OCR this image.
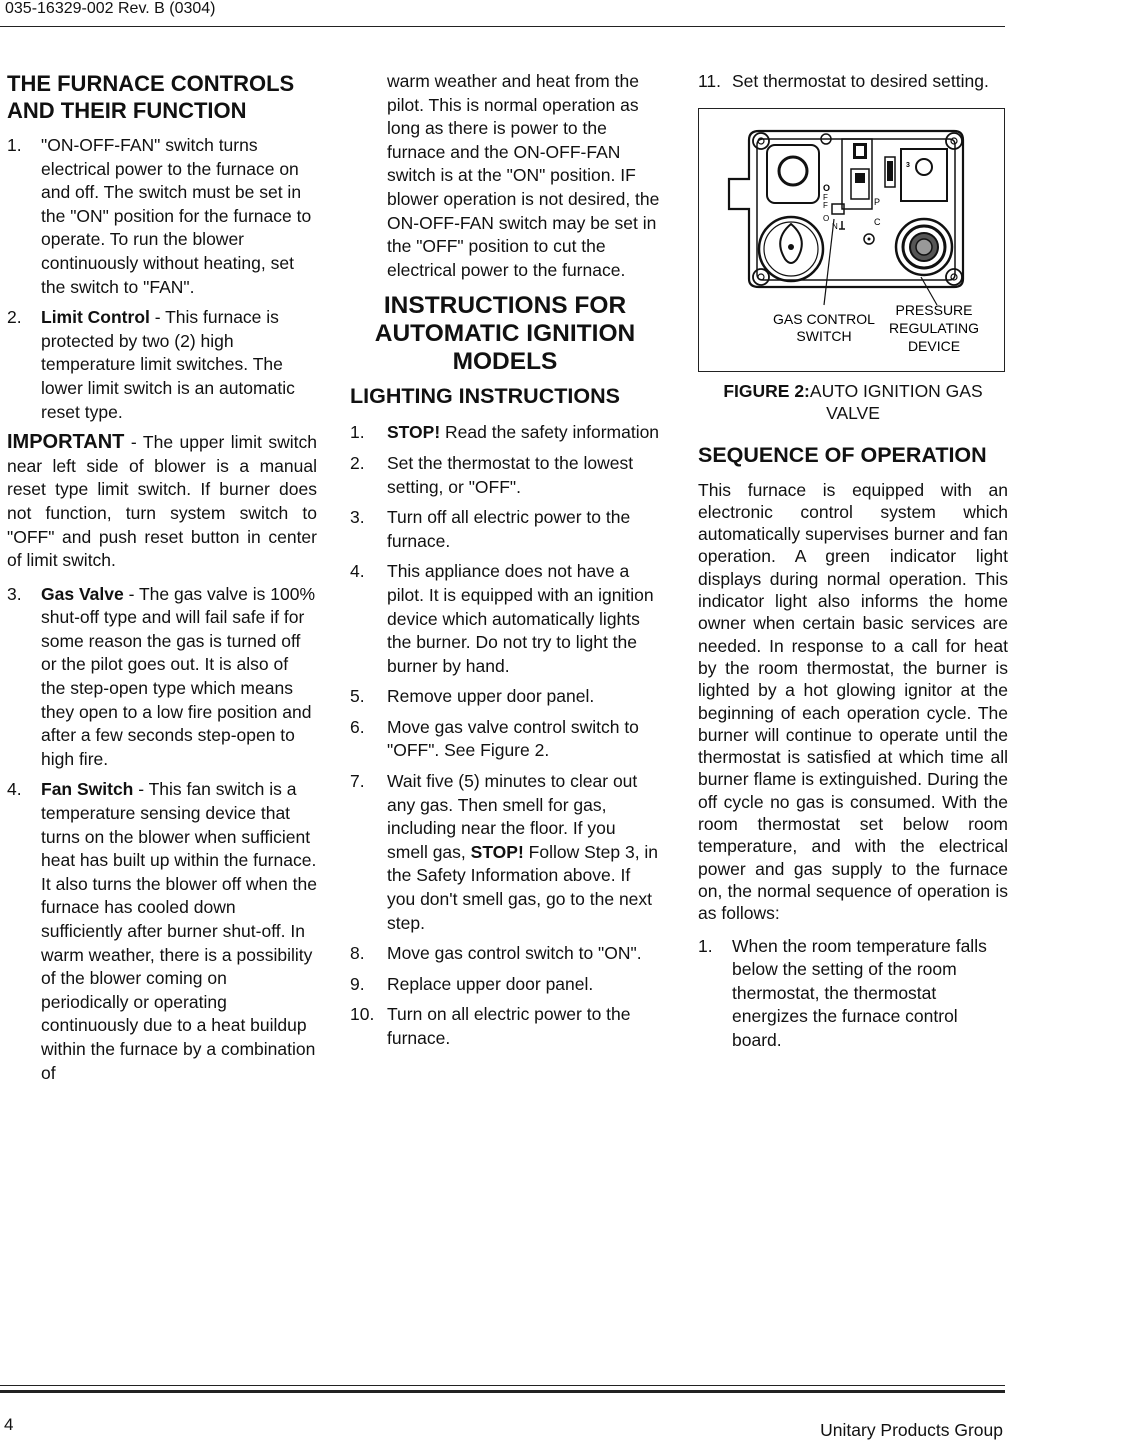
035-16329-002 Rev. B (0304)
THE FURNACE CONTROLS
AND THEIR FUNCTION
1. "ON-OFF-FAN" switch turns electrical power to the furnace on and off. The switch must be set in the "ON" position for the furnace to operate. To run the blower continuously without heating, set the switch to "FAN".
2. Limit Control - This furnace is protected by two (2) high temperature limit switches. The lower limit switch is an automatic reset type.

IMPORTANT - The upper limit switch near left side of blower is a manual reset type limit switch. If burner does not function, turn system switch to "OFF" and push reset button in center of limit switch.

3. Gas Valve - The gas valve is 100% shut-off type and will fail safe if for some reason the gas is turned off or the pilot goes out. It is also of the step-open type which means they open to a low fire position and after a few seconds step-open to high fire.
4. Fan Switch - This fan switch is a temperature sensing device that turns on the blower when sufficient heat has built up within the furnace. It also turns the blower off when the furnace has cooled down sufficiently after burner shut-off. In warm weather, there is a possibility of the blower coming on periodically or operating continuously due to a heat buildup within the furnace by a combination of

warm weather and heat from the pilot. This is normal operation as long as there is power to the furnace and the ON-OFF-FAN switch is at the "ON" position. IF blower operation is not desired, the ON-OFF-FAN switch may be set in the "OFF" position to cut the electrical power to the furnace.

INSTRUCTIONS FOR AUTOMATIC IGNITION MODELS
LIGHTING INSTRUCTIONS
1. STOP! Read the safety information
2. Set the thermostat to the lowest setting, or "OFF".
3. Turn off all electric power to the furnace.
4. This appliance does not have a pilot. It is equipped with an ignition device which automatically lights the burner. Do not try to light the burner by hand.
5. Remove upper door panel.
6. Move gas valve control switch to "OFF". See Figure 2.
7. Wait five (5) minutes to clear out any gas. Then smell for gas, including near the floor. If you smell gas, STOP! Follow Step 3, in the Safety Information above. If you don't smell gas, go to the next step.
8. Move gas control switch to "ON".
9. Replace upper door panel.
10. Turn on all electric power to the furnace.
11. Set thermostat to desired setting.
O
F
F
O
N
P
C
3
GAS CONTROL
SWITCH
PRESSURE
REGULATING
DEVICE
FIGURE 2:AUTO IGNITION GAS VALVE
SEQUENCE OF OPERATION

This furnace is equipped with an electronic control system which automatically supervises burner and fan operation. A green indicator light displays during normal operation. This indicator light also informs the home owner when certain basic services are needed. In response to a call for heat by the room thermostat, the burner is lighted by a hot glowing ignitor at the beginning of each operation cycle. The burner will continue to operate until the thermostat is satisfied at which time all burner flame is extinguished. During the off cycle no gas is consumed. With the room thermostat set below room temperature, and with the electrical power and gas supply to the furnace on, the normal sequence of operation is as follows:

1. When the room temperature falls below the setting of the room thermostat, the thermostat energizes the furnace control board.
4	Unitary Products Group
